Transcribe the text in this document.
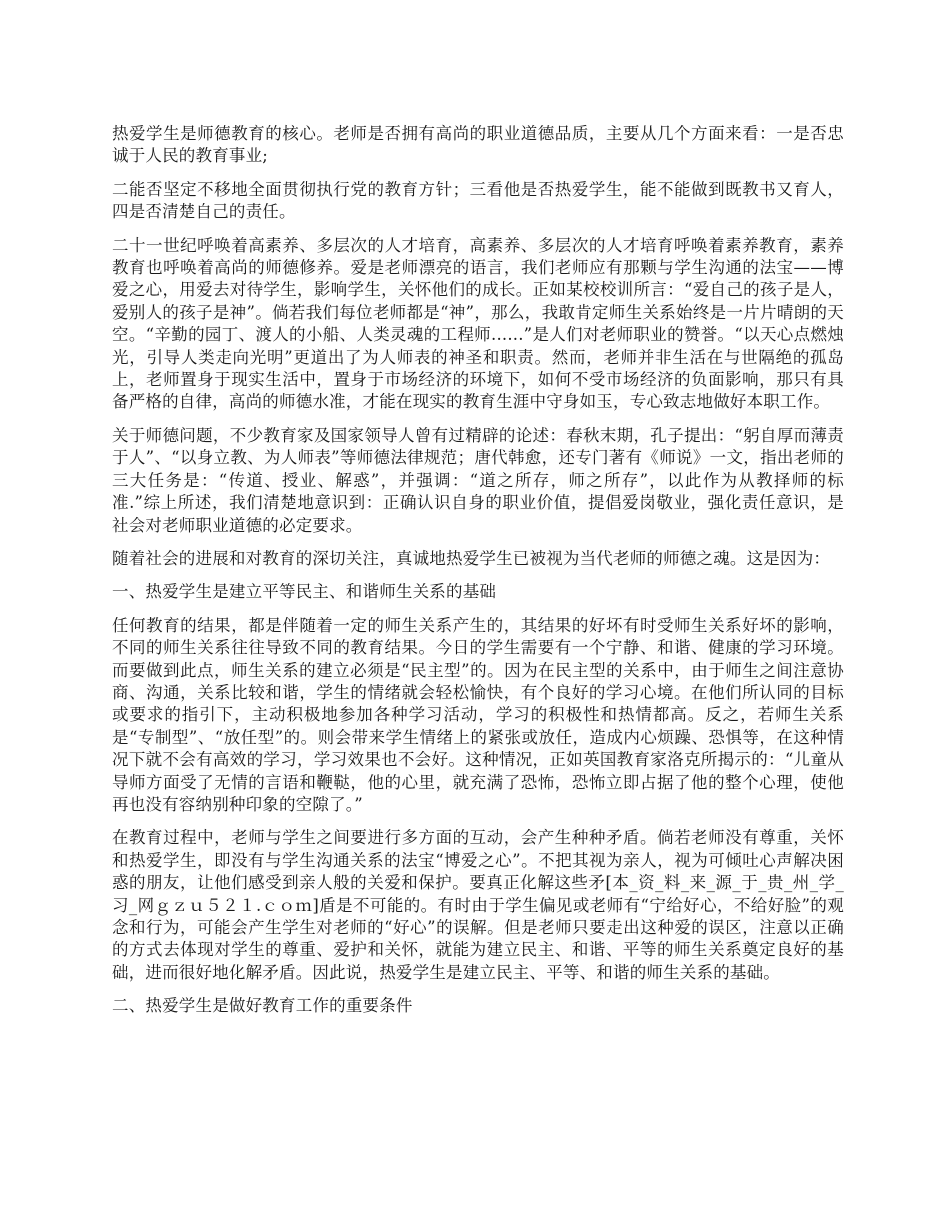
热爱学生是师德教育的核心。老师是否拥有高尚的职业道德品质，主要从几个方面来看：一是否忠诚于人民的教育事业;

二能否坚定不移地全面贯彻执行党的教育方针；三看他是否热爱学生，能不能做到既教书又育人，四是否清楚自己的责任。

二十一世纪呼唤着高素养、多层次的人才培育，高素养、多层次的人才培育呼唤着素养教育，素养教育也呼唤着高尚的师德修养。爱是老师漂亮的语言，我们老师应有那颗与学生沟通的法宝——博爱之心，用爱去对待学生，影响学生，关怀他们的成长。正如某校校训所言：“爱自己的孩子是人，爱别人的孩子是神”。倘若我们每位老师都是“神”，那么，我敢肯定师生关系始终是一片片晴朗的天空。“辛勤的园丁、渡人的小船、人类灵魂的工程师......”是人们对老师职业的赞誉。“以天心点燃烛光，引导人类走向光明”更道出了为人师表的神圣和职责。然而，老师并非生活在与世隔绝的孤岛上，老师置身于现实生活中，置身于市场经济的环境下，如何不受市场经济的负面影响，那只有具备严格的自律，高尚的师德水准，才能在现实的教育生涯中守身如玉，专心致志地做好本职工作。

关于师德问题，不少教育家及国家领导人曾有过精辟的论述：春秋末期，孔子提出：“躬自厚而薄责于人”、“以身立教、为人师表”等师德法律规范；唐代韩愈，还专门著有《师说》一文，指出老师的三大任务是：“传道、授业、解惑”，并强调：“道之所存，师之所存”，以此作为从教择师的标准.”综上所述，我们清楚地意识到：正确认识自身的职业价值，提倡爱岗敬业，强化责任意识，是社会对老师职业道德的必定要求。

随着社会的进展和对教育的深切关注，真诚地热爱学生已被视为当代老师的师德之魂。这是因为：

一、热爱学生是建立平等民主、和谐师生关系的基础

任何教育的结果，都是伴随着一定的师生关系产生的，其结果的好坏有时受师生关系好坏的影响，不同的师生关系往往导致不同的教育结果。今日的学生需要有一个宁静、和谐、健康的学习环境。而要做到此点，师生关系的建立必须是“民主型”的。因为在民主型的关系中，由于师生之间注意协商、沟通，关系比较和谐，学生的情绪就会轻松愉快，有个良好的学习心境。在他们所认同的目标或要求的指引下，主动积极地参加各种学习活动，学习的积极性和热情都高。反之，若师生关系是“专制型”、“放任型”的。则会带来学生情绪上的紧张或放任，造成内心烦躁、恐惧等，在这种情况下就不会有高效的学习，学习效果也不会好。这种情况，正如英国教育家洛克所揭示的：“儿童从导师方面受了无情的言语和鞭鞑，他的心里，就充满了恐怖，恐怖立即占据了他的整个心理，使他再也没有容纳别种印象的空隙了。”

在教育过程中，老师与学生之间要进行多方面的互动，会产生种种矛盾。倘若老师没有尊重，关怀和热爱学生，即没有与学生沟通关系的法宝“博爱之心”。不把其视为亲人，视为可倾吐心声解决困惑的朋友，让他们感受到亲人般的关爱和保护。要真正化解这些矛[本_资_料_来_源_于_贵_州_学_习_网ｇｚｕ５２１.ｃｏｍ]盾是不可能的。有时由于学生偏见或老师有“宁给好心，不给好脸”的观念和行为，可能会产生学生对老师的“好心”的误解。但是老师只要走出这种爱的误区，注意以正确的方式去体现对学生的尊重、爱护和关怀，就能为建立民主、和谐、平等的师生关系奠定良好的基础，进而很好地化解矛盾。因此说，热爱学生是建立民主、平等、和谐的师生关系的基础。

二、热爱学生是做好教育工作的重要条件
